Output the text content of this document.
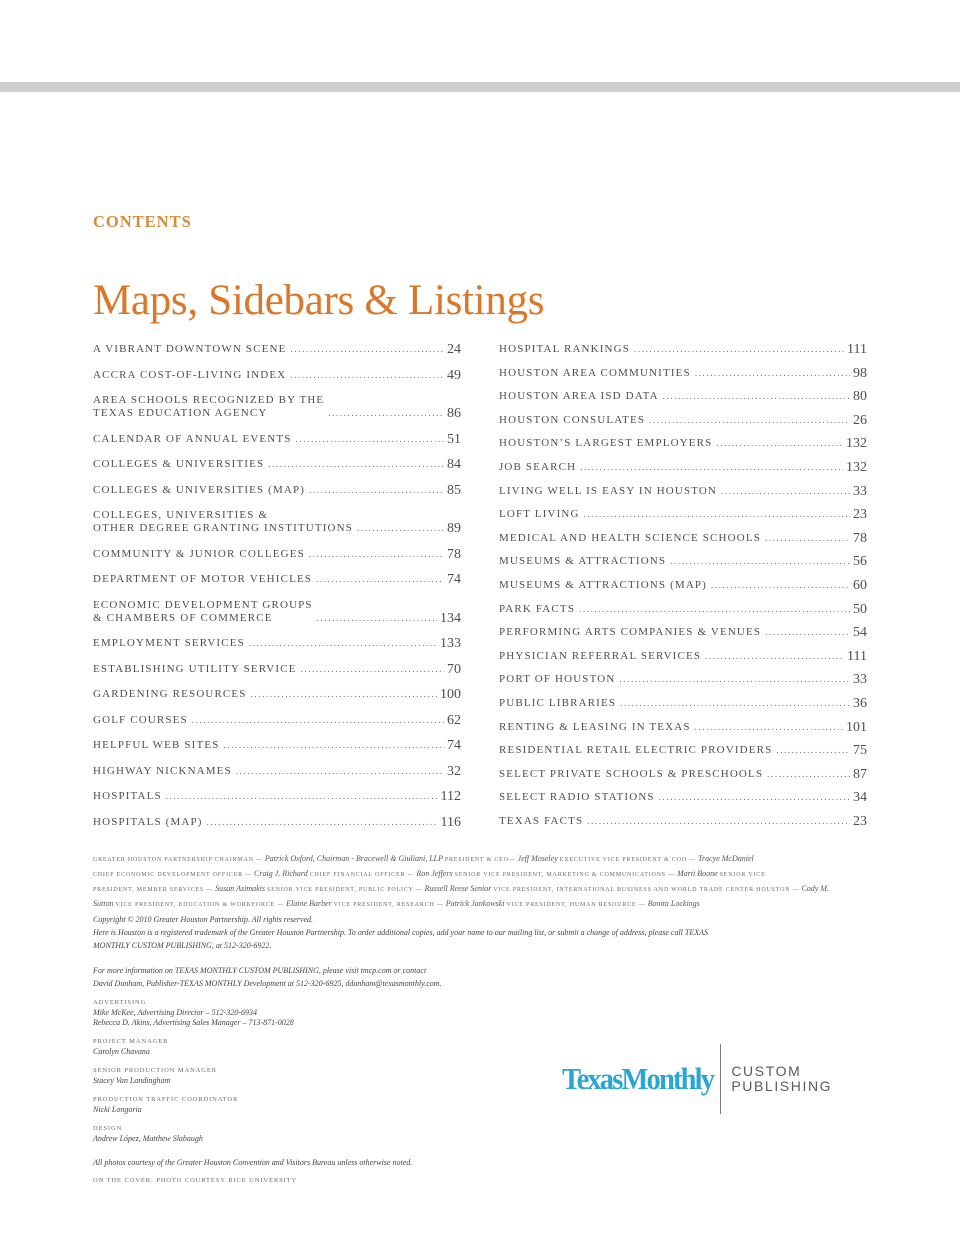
CONTENTS
Maps, Sidebars & Listings
A VIBRANT DOWNTOWN SCENE .....	24
ACCRA COST-OF-LIVING INDEX .....	49
AREA SCHOOLS RECOGNIZED BY THE
TEXAS EDUCATION AGENCY .....	86
CALENDAR OF ANNUAL EVENTS .....	51
COLLEGES & UNIVERSITIES .....	84
COLLEGES & UNIVERSITIES (MAP) .....	85
COLLEGES, UNIVERSITIES &
OTHER DEGREE GRANTING INSTITUTIONS .....	89
COMMUNITY & JUNIOR COLLEGES .....	78
DEPARTMENT OF MOTOR VEHICLES .....	74
ECONOMIC DEVELOPMENT GROUPS
& CHAMBERS OF COMMERCE .....	134
EMPLOYMENT SERVICES .....	133
ESTABLISHING UTILITY SERVICE .....	70
GARDENING RESOURCES .....	100
GOLF COURSES .....	62
HELPFUL WEB SITES .....	74
HIGHWAY NICKNAMES .....	32
HOSPITALS .....	112
HOSPITALS (MAP) .....	116
HOSPITAL RANKINGS .....	111
HOUSTON AREA COMMUNITIES .....	98
HOUSTON AREA ISD DATA .....	80
HOUSTON CONSULATES .....	26
HOUSTON’S LARGEST EMPLOYERS .....	132
JOB SEARCH .....	132
LIVING WELL IS EASY IN HOUSTON .....	33
LOFT LIVING .....	23
MEDICAL AND HEALTH SCIENCE SCHOOLS .....	78
MUSEUMS & ATTRACTIONS .....	56
MUSEUMS & ATTRACTIONS (MAP) .....	60
PARK FACTS .....	50
PERFORMING ARTS COMPANIES & VENUES .....	54
PHYSICIAN REFERRAL SERVICES .....	111
PORT OF HOUSTON .....	33
PUBLIC LIBRARIES .....	36
RENTING & LEASING IN TEXAS .....	101
RESIDENTIAL RETAIL ELECTRIC PROVIDERS .....	75
SELECT PRIVATE SCHOOLS & PRESCHOOLS .....	87
SELECT RADIO STATIONS .....	34
TEXAS FACTS .....	23
GREATER HOUSTON PARTNERSHIP CHAIRMAN — Patrick Oxford, Chairman - Bracewell & Giuliani, LLP PRESIDENT & CEO— Jeff Moseley EXECUTIVE VICE PRESIDENT & COO — Tracye McDaniel
CHIEF ECONOMIC DEVELOPMENT OFFICER — Craig J. Richard CHIEF FINANCIAL OFFICER — Ron Jeffers SENIOR VICE PRESIDENT, MARKETING & COMMUNICATIONS — Marti Boone SENIOR VICE
PRESIDENT, MEMBER SERVICES — Susan Asimakis SENIOR VICE PRESIDENT, PUBLIC POLICY — Russell Reese Senior VICE PRESIDENT, INTERNATIONAL BUSINESS AND WORLD TRADE CENTER HOUSTON — Cody M.
Sutton VICE PRESIDENT, EDUCATION & WORKFORCE — Elaine Barber VICE PRESIDENT, RESEARCH — Patrick Jankowski VICE PRESIDENT, HUMAN RESOURCE — Bonita Lockings
Copyright © 2010 Greater Houston Partnership. All rights reserved.
Here is Houston is a registered trademark of the Greater Houston Partnership. To order additional copies, add your name to our mailing list, or submit a change of address, please call TEXAS
MONTHLY CUSTOM PUBLISHING, at 512-320-6922.
For more information on TEXAS MONTHLY CUSTOM PUBLISHING, please visit tmcp.com or contact
David Dunham, Publisher-TEXAS MONTHLY Development at 512-320-6925, ddunham@texasmonthly.com.
ADVERTISING
Mike McKee, Advertising Director – 512-320-6934
Rebecca D. Akins, Advertising Sales Manager – 713-871-0028
PROJECT MANAGER
Carolyn Chavana
SENIOR PRODUCTION MANAGER
Stacey Van Landingham
PRODUCTION TRAFFIC COORDINATOR
Nicki Longoria
DESIGN
Andrew López, Matthew Slabaugh
All photos courtesy of the Greater Houston Convention and Visitors Bureau unless otherwise noted.
ON THE COVER: PHOTO COURTESY RICE UNIVERSITY
TexasMonthly CUSTOM
PUBLISHING
